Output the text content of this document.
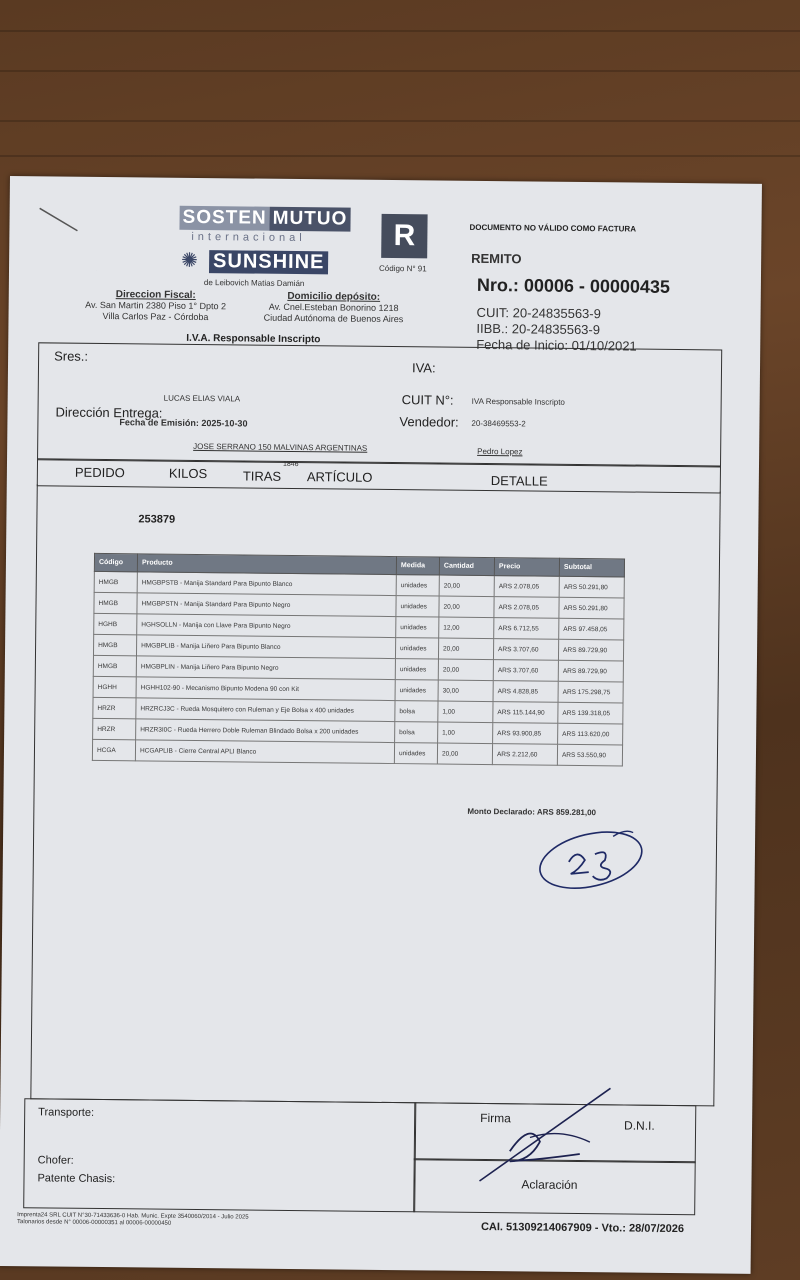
SOSTEN MUTUO
internacional
✺ SUNSHINE
de Leibovich Matias Damián
R
Código N° 91
DOCUMENTO NO VÁLIDO COMO FACTURA
REMITO
Nro.: 00006 - 00000435
Direccion Fiscal:
Av. San Martin 2380 Piso 1° Dpto 2
Villa Carlos Paz - Córdoba
Domicilio depósito:
Av. Cnel.Esteban Bonorino 1218
Ciudad Autónoma de Buenos Aires
I.V.A. Responsable Inscripto
CUIT: 20-24835563-9
IIBB.: 20-24835563-9
Fecha de Inicio: 01/10/2021
Sres.:
IVA:
LUCAS ELIAS VIALA	CUIT N°: IVA Responsable Inscripto
Dirección Entrega:
Fecha de Emisión: 2025-10-30	Vendedor: 20-38469553-2
JOSE SERRANO 150 MALVINAS ARGENTINAS	Pedro Lopez
PEDIDO	KILOS	TIRAS
1846
ARTÍCULO	DETALLE
253879
Código	Producto	Medida	Cantidad	Precio	Subtotal
HMGB	HMGBPSTB - Manija Standard Para Bipunto Blanco	unidades	20,00	ARS 2.078,05	ARS 50.291,80
HMGB	HMGBPSTN - Manija Standard Para Bipunto Negro	unidades	20,00	ARS 2.078,05	ARS 50.291,80
HGHB	HGHSOLLN - Manija con Llave Para Bipunto Negro	unidades	12,00	ARS 6.712,55	ARS 97.458,05
HMGB	HMGBPLIB - Manija Liñero Para Bipunto Blanco	unidades	20,00	ARS 3.707,60	ARS 89.729,90
HMGB	HMGBPLIN - Manija Liñero Para Bipunto Negro	unidades	20,00	ARS 3.707,60	ARS 89.729,90
HGHH	HGHH102-90 - Mecanismo Bipunto Modena 90 con Kit	unidades	30,00	ARS 4.828,85	ARS 175.298,75
HRZR	HRZRCJ3C - Rueda Mosquitero con Ruleman y Eje Bolsa x 400 unidades	bolsa	1,00	ARS 115.144,90	ARS 139.318,05
HRZR	HRZR3I0C - Rueda Herrero Doble Ruleman Blindado Bolsa x 200 unidades	bolsa	1,00	ARS 93.900,85	ARS 113.620,00
HCGA	HCGAPLIB - Cierre Central APLI Blanco	unidades	20,00	ARS 2.212,60	ARS 53.550,90
Monto Declarado: ARS 859.281,00
Transporte:
Chofer:
Patente Chasis:
Firma
D.N.I.
Aclaración
Imprenta24 SRL CUIT N°30-71433636-0 Hab. Munic. Expte 3540060/2014 - Julio 2025
Talonarios desde N° 00006-00000351 al 00006-00000450	CAI. 51309214067909 - Vto.: 28/07/2026
